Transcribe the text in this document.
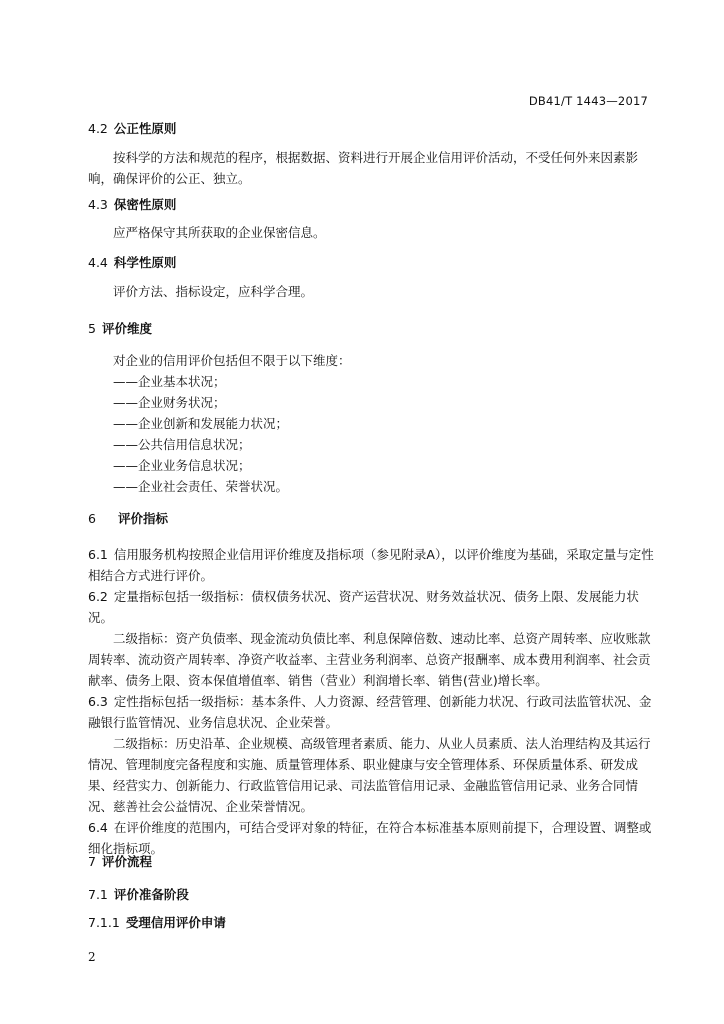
DB41/T 1443—2017
4.2 公正性原则

按科学的方法和规范的程序，根据数据、资料进行开展企业信用评价活动，不受任何外来因素影响，确保评价的公正、独立。

4.3 保密性原则

应严格保守其所获取的企业保密信息。

4.4 科学性原则

评价方法、指标设定，应科学合理。

5 评价维度
对企业的信用评价包括但不限于以下维度：
——企业基本状况；
——企业财务状况；
——企业创新和发展能力状况；
——公共信用信息状况；
——企业业务信息状况；
——企业社会责任、荣誉状况。
6 评价指标
6.1 信用服务机构按照企业信用评价维度及指标项（参见附录A），以评价维度为基础，采取定量与定性相结合方式进行评价。
6.2 定量指标包括一级指标：债权债务状况、资产运营状况、财务效益状况、债务上限、发展能力状况。
二级指标：资产负债率、现金流动负债比率、利息保障倍数、速动比率、总资产周转率、应收账款周转率、流动资产周转率、净资产收益率、主营业务利润率、总资产报酬率、成本费用利润率、社会贡献率、债务上限、资本保值增值率、销售（营业）利润增长率、销售(营业)增长率。
6.3 定性指标包括一级指标：基本条件、人力资源、经营管理、创新能力状况、行政司法监管状况、金融银行监管情况、业务信息状况、企业荣誉。
二级指标：历史沿革、企业规模、高级管理者素质、能力、从业人员素质、法人治理结构及其运行情况、管理制度完备程度和实施、质量管理体系、职业健康与安全管理体系、环保质量体系、研发成果、经营实力、创新能力、行政监管信用记录、司法监管信用记录、金融监管信用记录、业务合同情况、慈善社会公益情况、企业荣誉情况。
6.4 在评价维度的范围内，可结合受评对象的特征，在符合本标准基本原则前提下，合理设置、调整或细化指标项。
7 评价流程
7.1 评价准备阶段
7.1.1 受理信用评价申请
2
